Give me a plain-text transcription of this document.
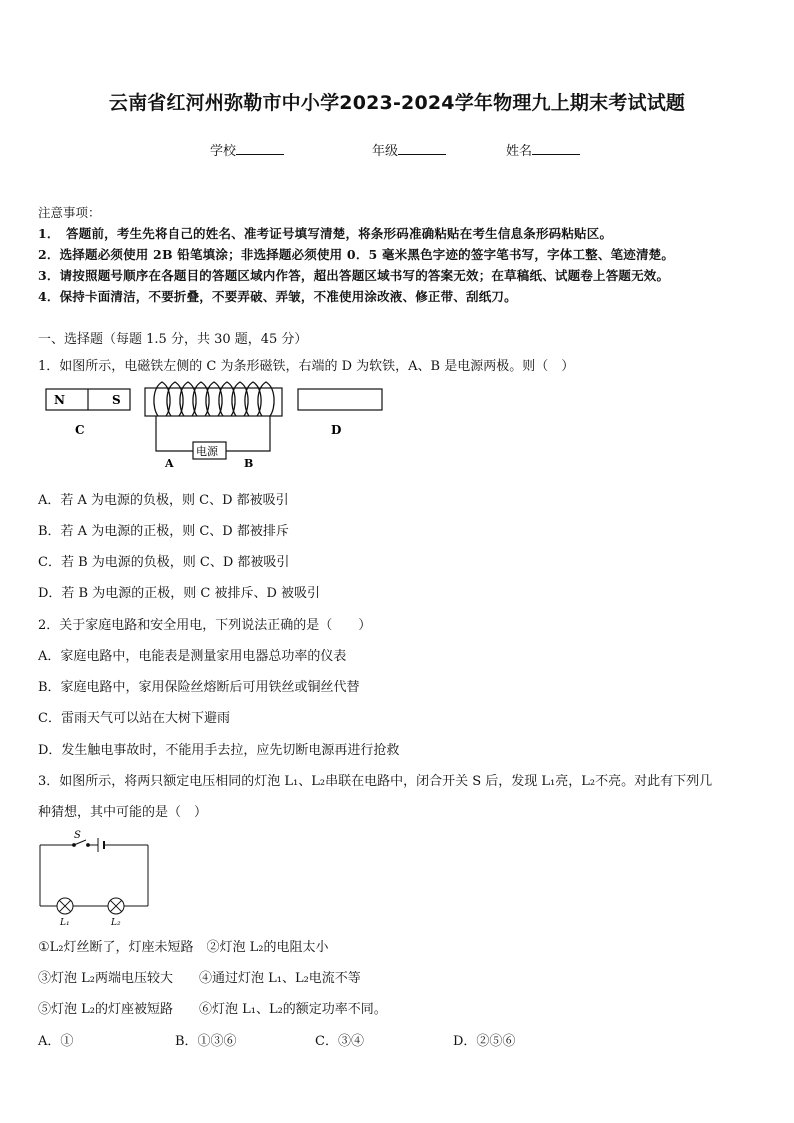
云南省红河州弥勒市中小学2023-2024学年物理九上期末考试试题
学校	年级	姓名
注意事项：
1．　答题前，考生先将自己的姓名、准考证号填写清楚，将条形码准确粘贴在考生信息条形码粘贴区。
2．选择题必须使用 2B 铅笔填涂；非选择题必须使用 0．5 毫米黑色字迹的签字笔书写，字体工整、笔迹清楚。
3．请按照题号顺序在各题目的答题区域内作答，超出答题区域书写的答案无效；在草稿纸、试题卷上答题无效。
4．保持卡面清洁，不要折叠，不要弄破、弄皱，不准使用涂改液、修正带、刮纸刀。
一、选择题（每题 1.5 分，共 30 题，45 分）
1．如图所示，电磁铁左侧的 C 为条形磁铁，右端的 D 为软铁，A、B 是电源两极。则（　）
N	S
C
电源
A	B
D
A．若 A 为电源的负极，则 C、D 都被吸引
B．若 A 为电源的正极，则 C、D 都被排斥
C．若 B 为电源的负极，则 C、D 都被吸引
D．若 B 为电源的正极，则 C 被排斥、D 被吸引
2．关于家庭电路和安全用电，下列说法正确的是（　　）
A．家庭电路中，电能表是测量家用电器总功率的仪表
B．家庭电路中，家用保险丝熔断后可用铁丝或铜丝代替
C．雷雨天气可以站在大树下避雨
D．发生触电事故时，不能用手去拉，应先切断电源再进行抢救
3．如图所示，将两只额定电压相同的灯泡 L₁、L₂串联在电路中，闭合开关 S 后，发现 L₁亮，L₂不亮。对此有下列几
种猜想，其中可能的是（　）
S
L₁	L₂
①L₂灯丝断了，灯座未短路　②灯泡 L₂的电阻太小
③灯泡 L₂两端电压较大　　④通过灯泡 L₁、L₂电流不等
⑤灯泡 L₂的灯座被短路　　⑥灯泡 L₁、L₂的额定功率不同。
A．①	B．①③⑥	C．③④	D．②⑤⑥
